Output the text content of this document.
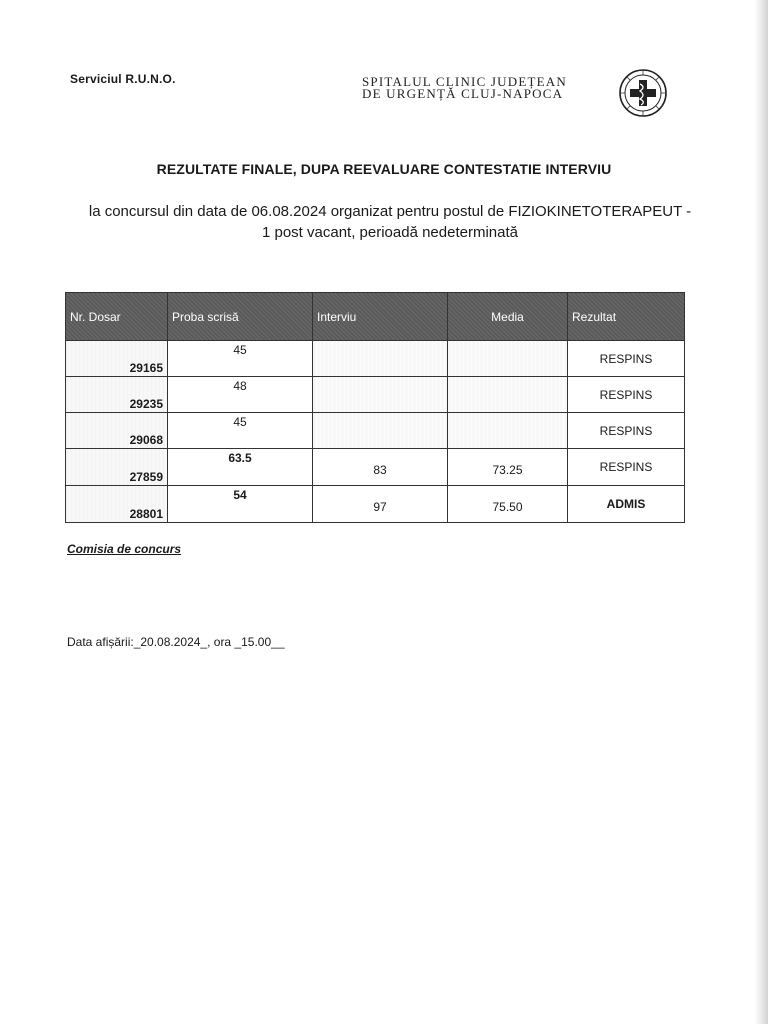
Serviciul R.U.N.O.	SPITALUL CLINIC JUDEȚEAN
DE URGENȚĂ CLUJ-NAPOCA
REZULTATE FINALE, DUPA REEVALUARE CONTESTATIE INTERVIU
la concursul din data de 06.08.2024 organizat pentru postul de FIZIOKINETOTERAPEUT -
1 post vacant, perioadă nedeterminată
Nr. Dosar	Proba scrisă	Interviu	Media	Rezultat
29165	45			RESPINS
29235	48			RESPINS
29068	45			RESPINS
27859	63.5	83	73.25	RESPINS
28801	54	97	75.50	ADMIS
Comisia de concurs
Data afișării:_20.08.2024_, ora _15.00__
